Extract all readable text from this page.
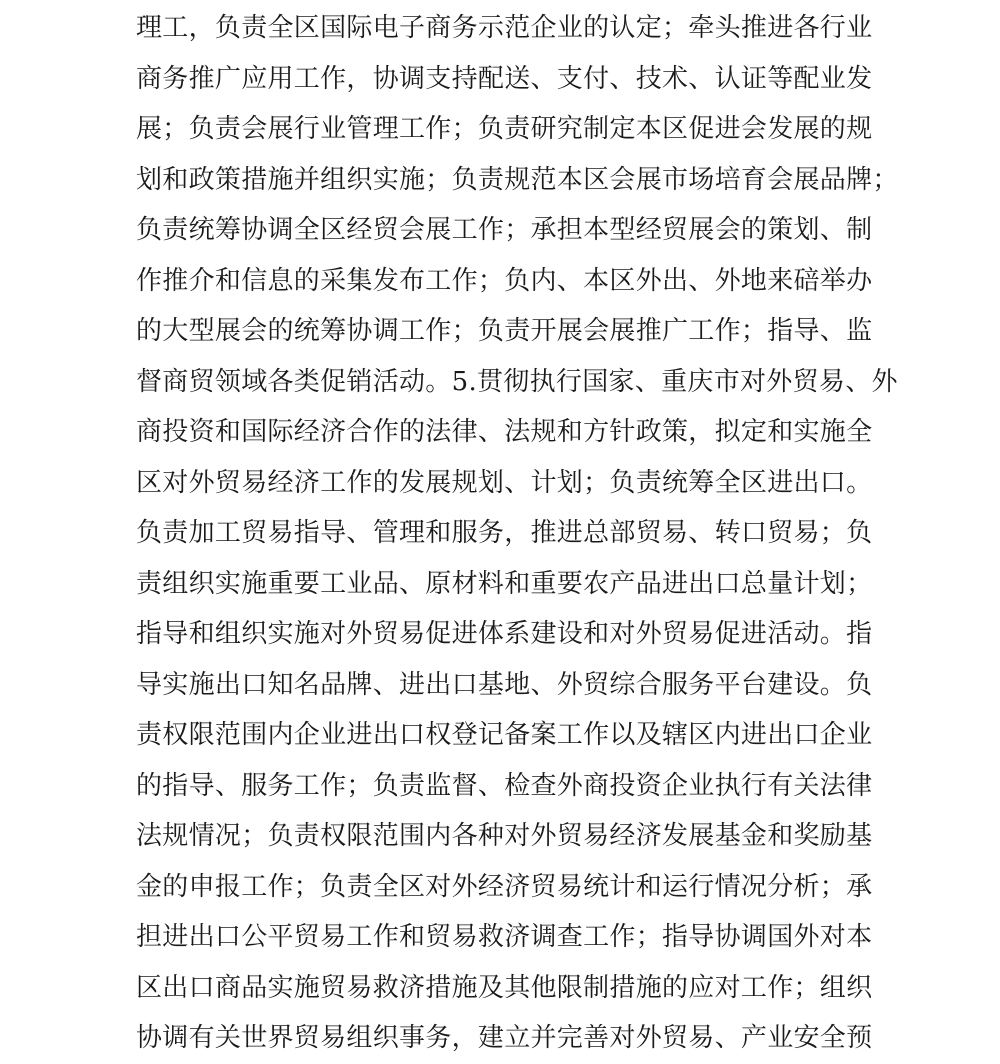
理工，负责全区国际电子商务示范企业的认定；牵头推进各行业
商务推广应用工作，协调支持配送、支付、技术、认证等配业发
展；负责会展行业管理工作；负责研究制定本区促进会发展的规
划和政策措施并组织实施；负责规范本区会展市场培育会展品牌；
负责统筹协调全区经贸会展工作；承担本型经贸展会的策划、制
作推介和信息的采集发布工作；负内、本区外出、外地来碚举办
的大型展会的统筹协调工作；负责开展会展推广工作；指导、监
督商贸领域各类促销活动。5.贯彻执行国家、重庆市对外贸易、外
商投资和国际经济合作的法律、法规和方针政策，拟定和实施全
区对外贸易经济工作的发展规划、计划；负责统筹全区进出口。
负责加工贸易指导、管理和服务，推进总部贸易、转口贸易；负
责组织实施重要工业品、原材料和重要农产品进出口总量计划；
指导和组织实施对外贸易促进体系建设和对外贸易促进活动。指
导实施出口知名品牌、进出口基地、外贸综合服务平台建设。负
责权限范围内企业进出口权登记备案工作以及辖区内进出口企业
的指导、服务工作；负责监督、检查外商投资企业执行有关法律
法规情况；负责权限范围内各种对外贸易经济发展基金和奖励基
金的申报工作；负责全区对外经济贸易统计和运行情况分析；承
担进出口公平贸易工作和贸易救济调查工作；指导协调国外对本
区出口商品实施贸易救济措施及其他限制措施的应对工作；组织
协调有关世界贸易组织事务，建立并完善对外贸易、产业安全预
